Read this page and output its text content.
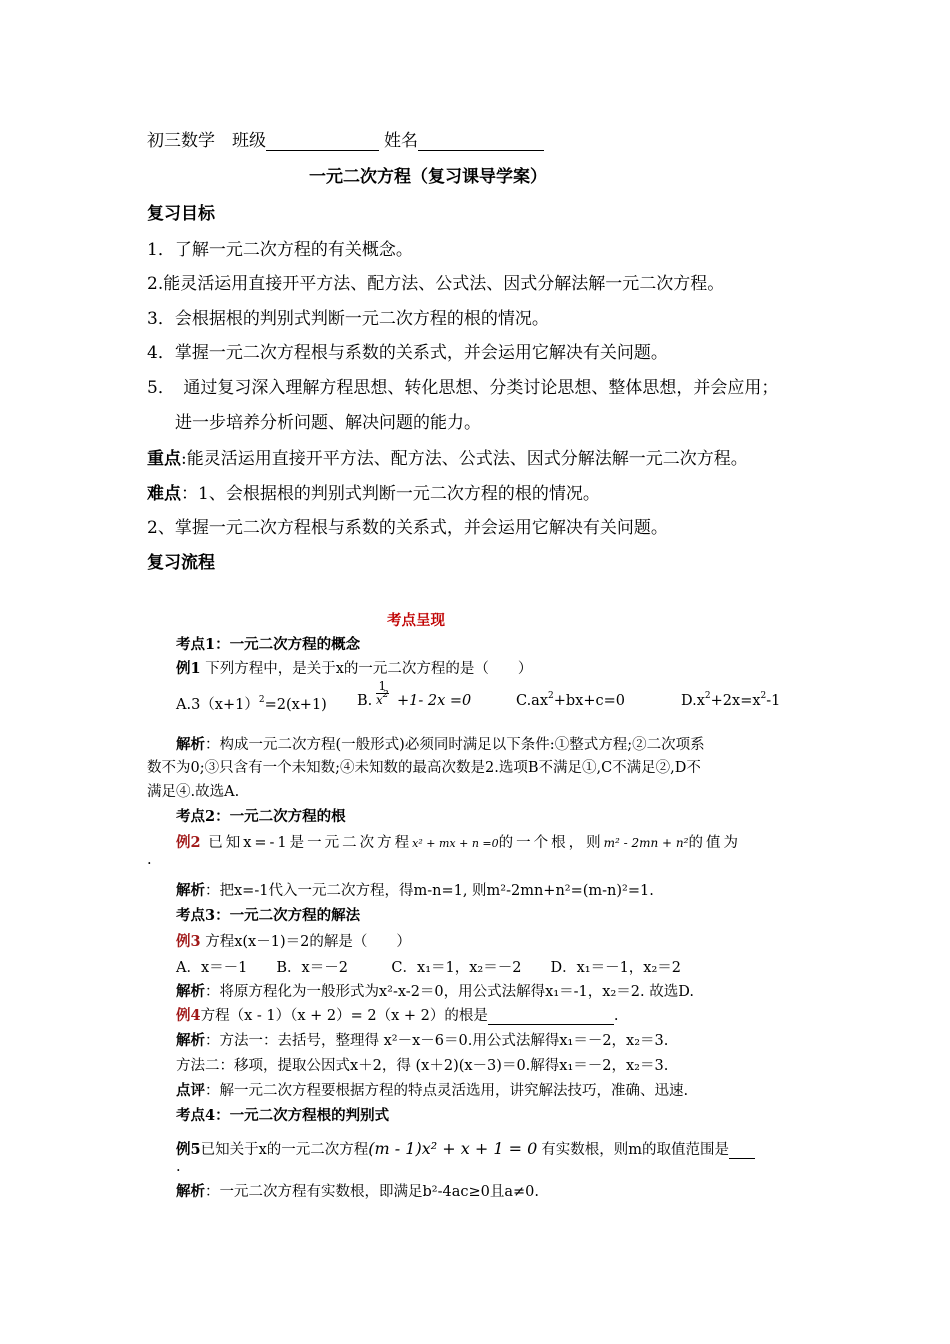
初三数学 班级	姓名
一元二次方程（复习课导学案）
复习目标
1．了解一元二次方程的有关概念。
2.能灵活运用直接开平方法、配方法、公式法、因式分解法解一元二次方程。
3．会根据根的判别式判断一元二次方程的根的情况。
4．掌握一元二次方程根与系数的关系式，并会运用它解决有关问题。
5．　通过复习深入理解方程思想、转化思想、分类讨论思想、整体思想，并会应用；
进一步培养分析问题、解决问题的能力。
重点:能灵活运用直接开平方法、配方法、公式法、因式分解法解一元二次方程。
难点：1、会根据根的判别式判断一元二次方程的根的情况。
2、掌握一元二次方程根与系数的关系式，并会运用它解决有关问题。
复习流程
考点呈现
考点1：一元二次方程的概念
例1 下列方程中，是关于x的一元二次方程的是（　　）
$A.3(x+1)^2=2(x+1)$ B. $\frac{1}{x^2} +1-$ 2x =0	$C.ax^2+bx+c=0$	$D.x^2+2x=x^2-1$
解析：构成一元二次方程(一般形式)必须同时满足以下条件:①整式方程;②二次项系
数不为0;③只含有一个未知数;④未知数的最高次数是2.选项B不满足①,C不满足②,D不
满足④.故选A.
考点2：一元二次方程的根
例2 已知x=-1是一元二次方程x² + mx + n =0的一个根，则m² - 2mn + n²的值为
.
解析：把x=-1代入一元二次方程，得m-n=1, 则m²-2mn+n²=(m-n)²=1.
考点3：一元二次方程的解法
例3 方程x(x－1)＝2的解是（　　）
A．x＝－1　　B．x＝－2　　　C．x₁＝1，x₂＝－2　　D．x₁＝－1，x₂＝2
解析：将原方程化为一般形式为x²-x-2＝0，用公式法解得x₁＝-1，x₂＝2. 故选D.
例4方程（x - 1）（x + 2）= 2（x + 2）的根是	.
解析：方法一：去括号，整理得 x²－x－6＝0.用公式法解得x₁＝－2，x₂＝3.
方法二：移项，提取公因式x＋2，得 (x＋2)(x－3)＝0.解得x₁＝－2，x₂＝3.
点评：解一元二次方程要根据方程的特点灵活选用，讲究解法技巧，准确、迅速.
考点4：一元二次方程根的判别式
例5已知关于x的一元二次方程(m - 1)x² + x + 1 = 0 有实数根，则m的取值范围是
.
解析：一元二次方程有实数根，即满足b²-4ac≥0且a≠0.
